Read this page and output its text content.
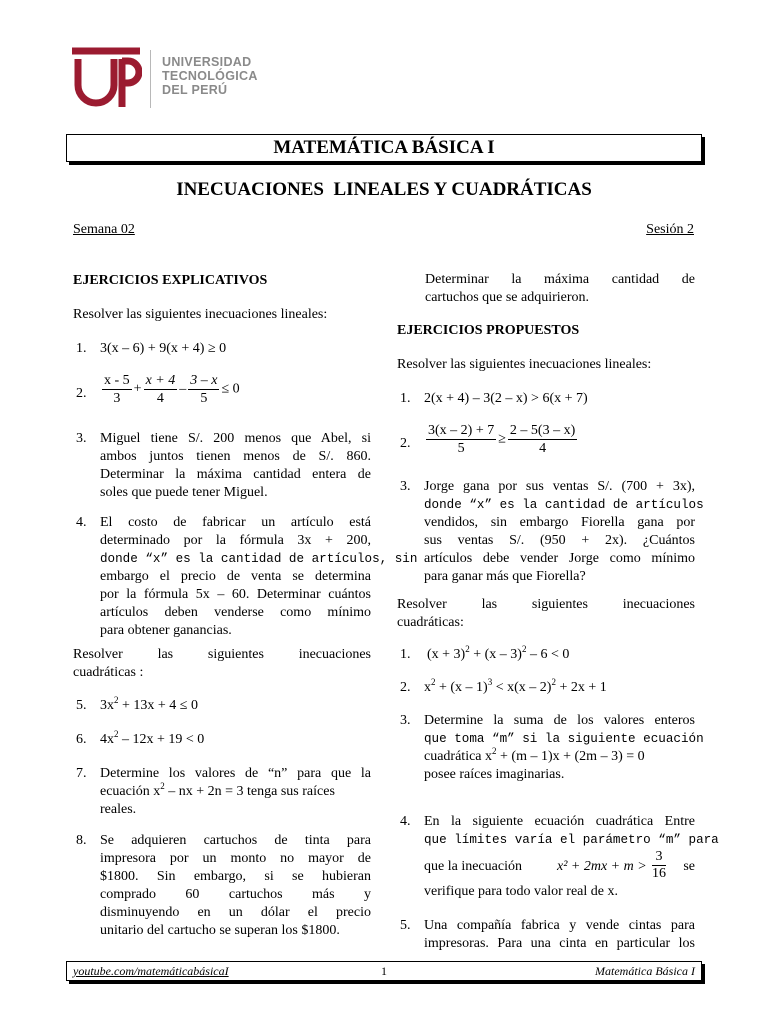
UNIVERSIDAD
TECNOLÓGICA
DEL PERÚ
MATEMÁTICA BÁSICA I
INECUACIONES  LINEALES Y CUADRÁTICAS
Semana 02	Sesión 2
EJERCICIOS EXPLICATIVOS
Resolver las siguientes inecuaciones lineales:
1. 3(x – 6) + 9(x + 4) ≥ 0
2. $\frac{x - 5}{3} + \frac{x + 4}{4} - \frac{3 - x}{5} \le 0$
3. Miguel tiene S/. 200 menos que Abel, si
ambos juntos tienen menos de S/. 860.
Determinar la máxima cantidad entera de
soles que puede tener Miguel.
4. El costo de fabricar un artículo está
determinado por la fórmula 3x + 200,
donde “x” es la cantidad de artículos, sin
embargo el precio de venta se determina
por la fórmula 5x – 60. Determinar cuántos
artículos deben venderse como mínimo
para obtener ganancias.
Resolver las siguientes inecuaciones
cuadráticas :
5. $3x^2 + 13x + 4 \le 0$
6. $4x^2 - 12x + 19 < 0$
7. Determine los valores de “n” para que la
ecuación $x^2$ – nx + 2n = 3 tenga sus raíces
reales.
8. Se adquieren cartuchos de tinta para
impresora por un monto no mayor de
$1800. Sin embargo, si se hubieran
comprado 60 cartuchos más y
disminuyendo en un dólar el precio
unitario del cartucho se superan los $1800.
Determinar la máxima cantidad de
cartuchos que se adquirieron.
EJERCICIOS PROPUESTOS
Resolver las siguientes inecuaciones lineales:
1. 2(x + 4) – 3(2 – x) > 6(x + 7)
2. $\frac{3(x - 2) + 7}{5} \ge \frac{2 - 5(3 - x)}{4}$
3. Jorge gana por sus ventas S/. (700 + 3x),
donde “x” es la cantidad de artículos
vendidos, sin embargo Fiorella gana por
sus ventas S/. (950 + 2x). ¿Cuántos
artículos debe vender Jorge como mínimo
para ganar más que Fiorella?
Resolver las siguientes inecuaciones
cuadráticas:
1. $(x + 3)^2 + (x - 3)^2 - 6 < 0$
2. $x^2 + (x - 1)^3 < x(x - 2)^2 + 2x + 1$
3. Determine la suma de los valores enteros
que toma “m” si la siguiente ecuación
cuadrática $x^2 + (m - 1)x + (2m - 3) = 0$
posee raíces imaginarias.
4. En la siguiente ecuación cuadrática Entre
que límites varía el parámetro “m” para
que la inecuación	$x^2 + 2mx + m > \frac{3}{16}$ se
verifique para todo valor real de x.
5. Una compañía fabrica y vende cintas para
impresoras. Para una cinta en particular los
youtube.com/matemáticabásicaI	1	Matemática Básica I
